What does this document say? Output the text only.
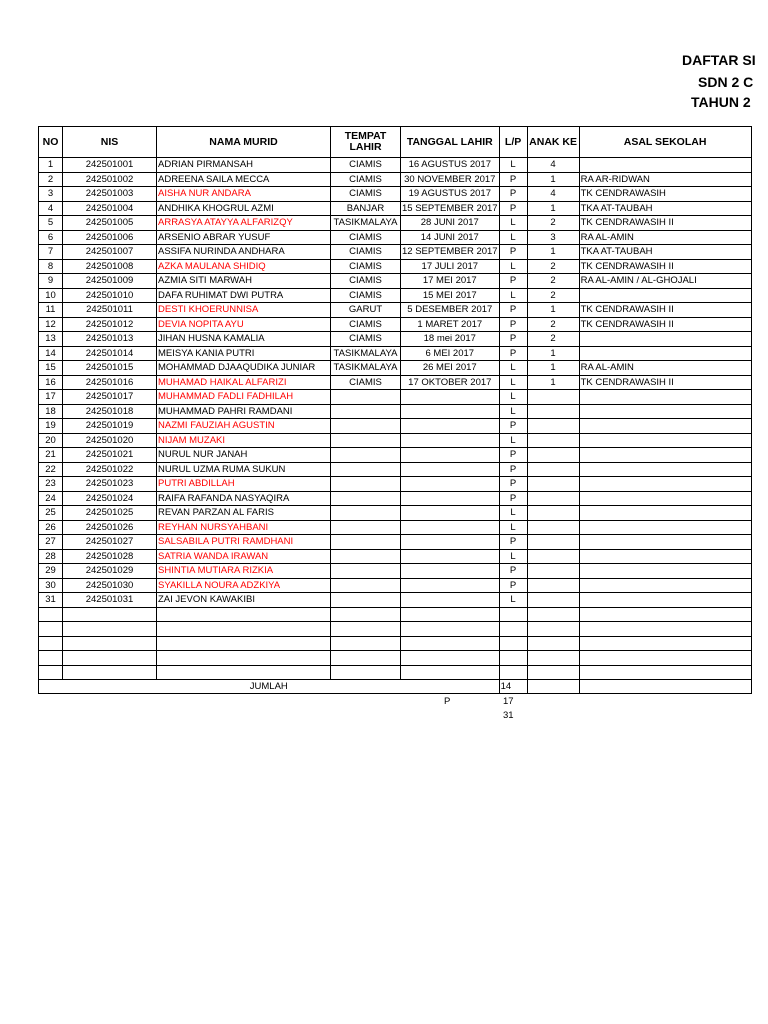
DAFTAR SI
SDN 2 C
TAHUN 2
NO	NIS	NAMA MURID	TEMPAT LAHIR	TANGGAL LAHIR	L/P	ANAK KE	ASAL SEKOLAH
1	242501001	ADRIAN PIRMANSAH	CIAMIS	16 AGUSTUS 2017	L	4	
2	242501002	ADREENA SAILA MECCA	CIAMIS	30 NOVEMBER 2017	P	1	RA AR-RIDWAN
3	242501003	AISHA NUR ANDARA	CIAMIS	19 AGUSTUS 2017	P	4	TK CENDRAWASIH
4	242501004	ANDHIKA KHOGRUL AZMI	BANJAR	15 SEPTEMBER 2017	P	1	TKA AT-TAUBAH
5	242501005	ARRASYA ATAYYA ALFARIZQY	TASIKMALAYA	28 JUNI 2017	L	2	TK CENDRAWASIH II
6	242501006	ARSENIO ABRAR YUSUF	CIAMIS	14 JUNI 2017	L	3	RA AL-AMIN
7	242501007	ASSIFA NURINDA ANDHARA	CIAMIS	12 SEPTEMBER 2017	P	1	TKA AT-TAUBAH
8	242501008	AZKA MAULANA SHIDIQ	CIAMIS	17 JULI 2017	L	2	TK CENDRAWASIH II
9	242501009	AZMIA SITI MARWAH	CIAMIS	17 MEI 2017	P	2	RA AL-AMIN / AL-GHOJALI
10	242501010	DAFA RUHIMAT DWI PUTRA	CIAMIS	15 MEI 2017	L	2	
11	242501011	DESTI KHOERUNNISA	GARUT	5 DESEMBER 2017	P	1	TK CENDRAWASIH II
12	242501012	DEVIA NOPITA AYU	CIAMIS	1 MARET 2017	P	2	TK CENDRAWASIH II
13	242501013	JIHAN HUSNA KAMALIA	CIAMIS	18 mei 2017	P	2	
14	242501014	MEISYA KANIA PUTRI	TASIKMALAYA	6 MEI 2017	P	1	
15	242501015	MOHAMMAD DJAAQUDIKA JUNIAR	TASIKMALAYA	26 MEI 2017	L	1	RA AL-AMIN
16	242501016	MUHAMAD HAIKAL ALFARIZI	CIAMIS	17 OKTOBER 2017	L	1	TK CENDRAWASIH II
17	242501017	MUHAMMAD FADLI FADHILAH			L		
18	242501018	MUHAMMAD PAHRI RAMDANI			L		
19	242501019	NAZMI FAUZIAH AGUSTIN			P		
20	242501020	NIJAM MUZAKI			L		
21	242501021	NURUL NUR JANAH			P		
22	242501022	NURUL UZMA RUMA SUKUN			P		
23	242501023	PUTRI ABDILLAH			P		
24	242501024	RAIFA RAFANDA NASYAQIRA			P		
25	242501025	REVAN PARZAN AL FARIS			L		
26	242501026	REYHAN NURSYAHBANI			L		
27	242501027	SALSABILA PUTRI RAMDHANI			P		
28	242501028	SATRIA WANDA IRAWAN			L		
29	242501029	SHINTIA MUTIARA RIZKIA			P		
30	242501030	SYAKILLA NOURA ADZKIYA			P		
31	242501031	ZAI JEVON KAWAKIBI			L		

JUMLAH					14		
P	17
31
